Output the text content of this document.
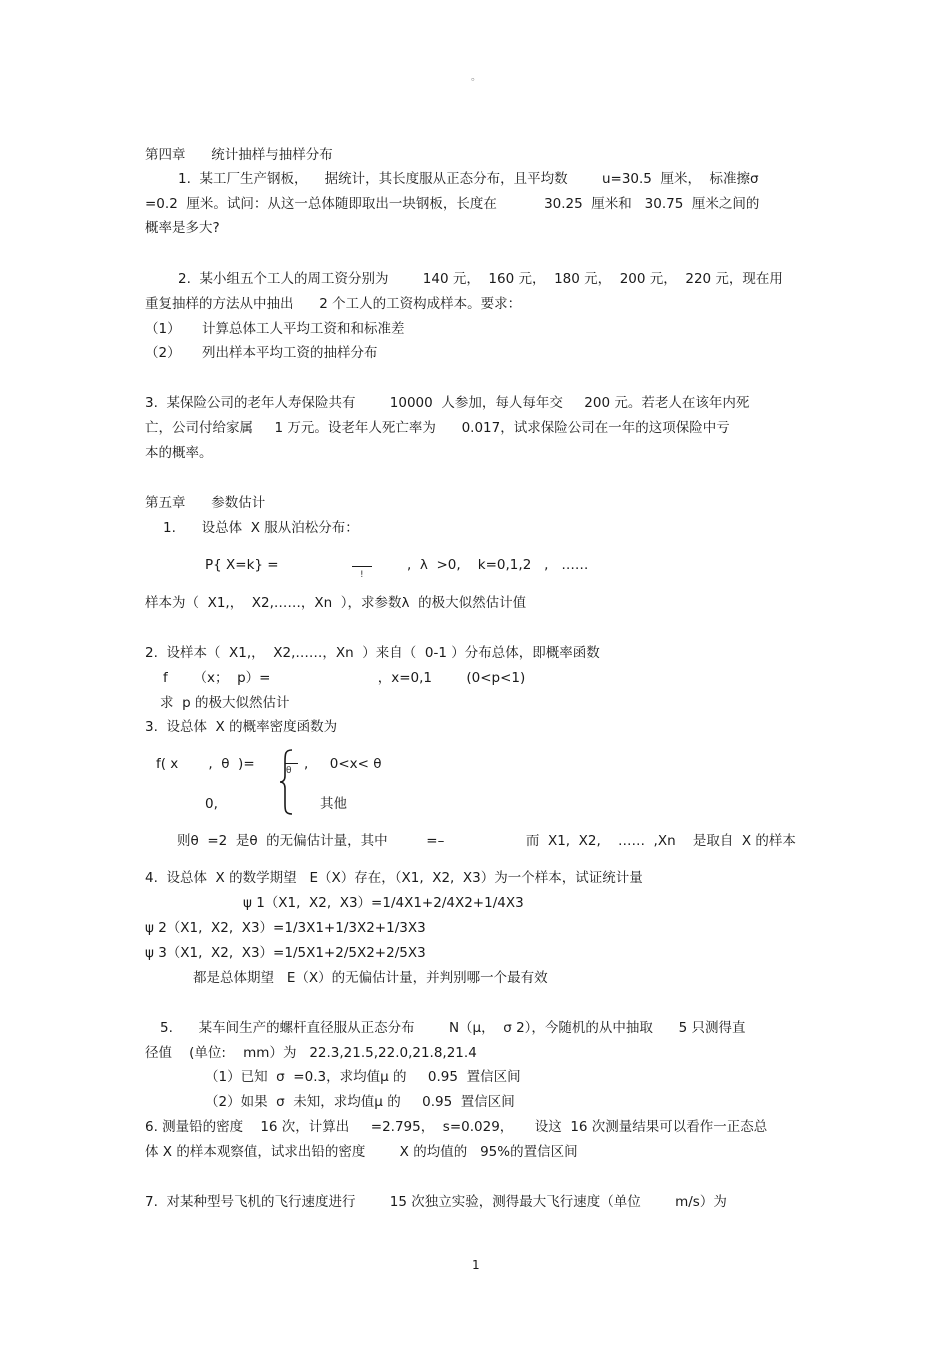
。
第四章      统计抽样与抽样分布
1.  某工厂生产钢板，    据统计，其长度服从正态分布，且平均数        u=30.5  厘米，  标准擦σ
=0.2  厘米。试问：从这一总体随即取出一块钢板，长度在           30.25  厘米和   30.75  厘米之间的
概率是多大?
2.  某小组五个工人的周工资分别为        140 元，  160 元，  180 元，  200 元，  220 元，现在用
重复抽样的方法从中抽出      2 个工人的工资构成样本。要求：
（1）     计算总体工人平均工资和和标准差
（2）     列出样本平均工资的抽样分布
3.  某保险公司的老年人寿保险共有        10000  人参加，每人每年交     200 元。若老人在该年内死
亡，公司付给家属     1 万元。设老年人死亡率为      0.017，试求保险公司在一年的这项保险中亏
本的概率。
第五章      参数估计
1.      设总体  X 服从泊松分布：
P{ X=k} =
!
,  λ  >0,    k=0,1,2   ,   ……
样本为（  X1,，  X2,……，Xn  ），求参数λ  的极大似然估计值
2.  设样本（  X1,，  X2,……，Xn  ）来自（  0-1 ）分布总体，即概率函数
f      （x；  p）=                         ，x=0,1        (0<p<1)
求  p 的极大似然估计
3.  设总体  X 的概率密度函数为
f( x       ,  θ  )=	θ ,     0<x< θ
0,	其他
则θ  =2  是θ  的无偏估计量，其中         =–                   而  X1,  X2,    ……  ,Xn    是取自  X 的样本
4.  设总体  X 的数学期望   E（X）存在，（X1,  X2,  X3）为一个样本，试证统计量
ψ 1（X1,  X2,  X3）=1/4X1+2/4X2+1/4X3
ψ 2（X1,  X2,  X3）=1/3X1+1/3X2+1/3X3
ψ 3（X1,  X2,  X3）=1/5X1+2/5X2+2/5X3
都是总体期望   E（X）的无偏估计量，并判别哪一个最有效
5.      某车间生产的螺杆直径服从正态分布        N（μ，  σ 2），今随机的从中抽取      5 只测得直
径值    (单位:    mm）为   22.3,21.5,22.0,21.8,21.4
（1）已知  σ  =0.3，求均值μ 的     0.95  置信区间
（2）如果  σ  未知，求均值μ 的     0.95  置信区间
6. 测量铅的密度    16 次，计算出     =2.795，  s=0.029，     设这  16 次测量结果可以看作一正态总
体 X 的样本观察值，试求出铅的密度        X 的均值的   95%的置信区间
7.  对某种型号飞机的飞行速度进行        15 次独立实验，测得最大飞行速度（单位        m/s）为
1
